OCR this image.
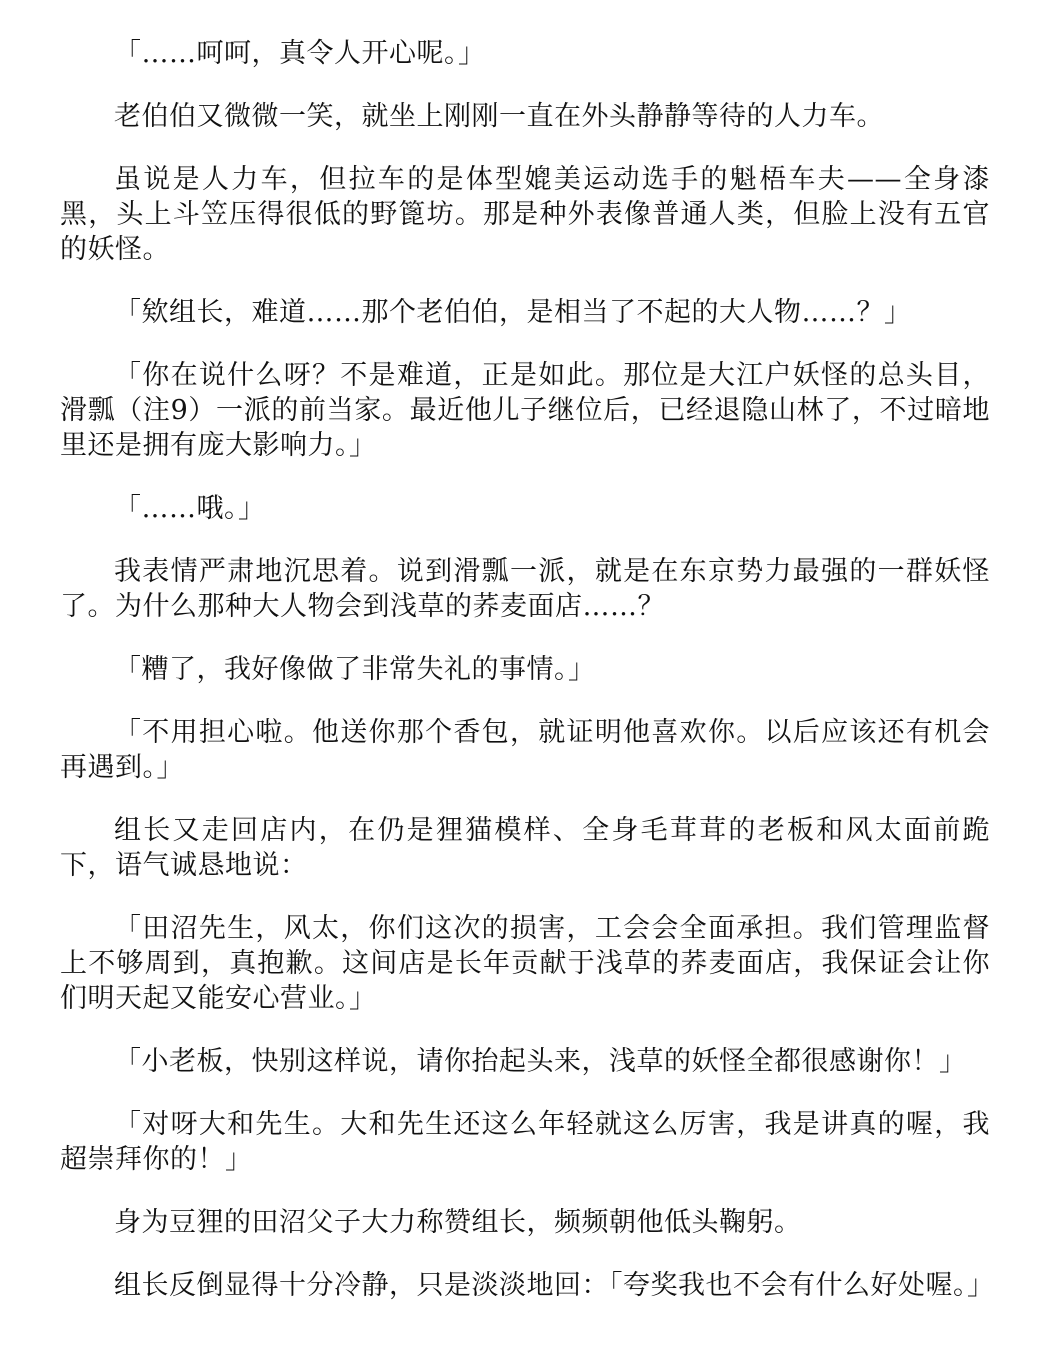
「……呵呵，真令人开心呢。」

老伯伯又微微一笑，就坐上刚刚一直在外头静静等待的人力车。

虽说是人力车，但拉车的是体型媲美运动选手的魁梧车夫——全身漆黑，头上斗笠压得很低的野篦坊。那是种外表像普通人类，但脸上没有五官的妖怪。

「欸组长，难道……那个老伯伯，是相当了不起的大人物……？」

「你在说什么呀？不是难道，正是如此。那位是大江户妖怪的总头目，滑瓢（注9）一派的前当家。最近他儿子继位后，已经退隐山林了，不过暗地里还是拥有庞大影响力。」

「……哦。」

我表情严肃地沉思着。说到滑瓢一派，就是在东京势力最强的一群妖怪了。为什么那种大人物会到浅草的荞麦面店……？

「糟了，我好像做了非常失礼的事情。」

「不用担心啦。他送你那个香包，就证明他喜欢你。以后应该还有机会再遇到。」

组长又走回店内，在仍是狸猫模样、全身毛茸茸的老板和风太面前跪下，语气诚恳地说：

「田沼先生，风太，你们这次的损害，工会会全面承担。我们管理监督上不够周到，真抱歉。这间店是长年贡献于浅草的荞麦面店，我保证会让你们明天起又能安心营业。」

「小老板，快别这样说，请你抬起头来，浅草的妖怪全都很感谢你！」

「对呀大和先生。大和先生还这么年轻就这么厉害，我是讲真的喔，我超崇拜你的！」

身为豆狸的田沼父子大力称赞组长，频频朝他低头鞠躬。

组长反倒显得十分冷静，只是淡淡地回：「夸奖我也不会有什么好处喔。」
